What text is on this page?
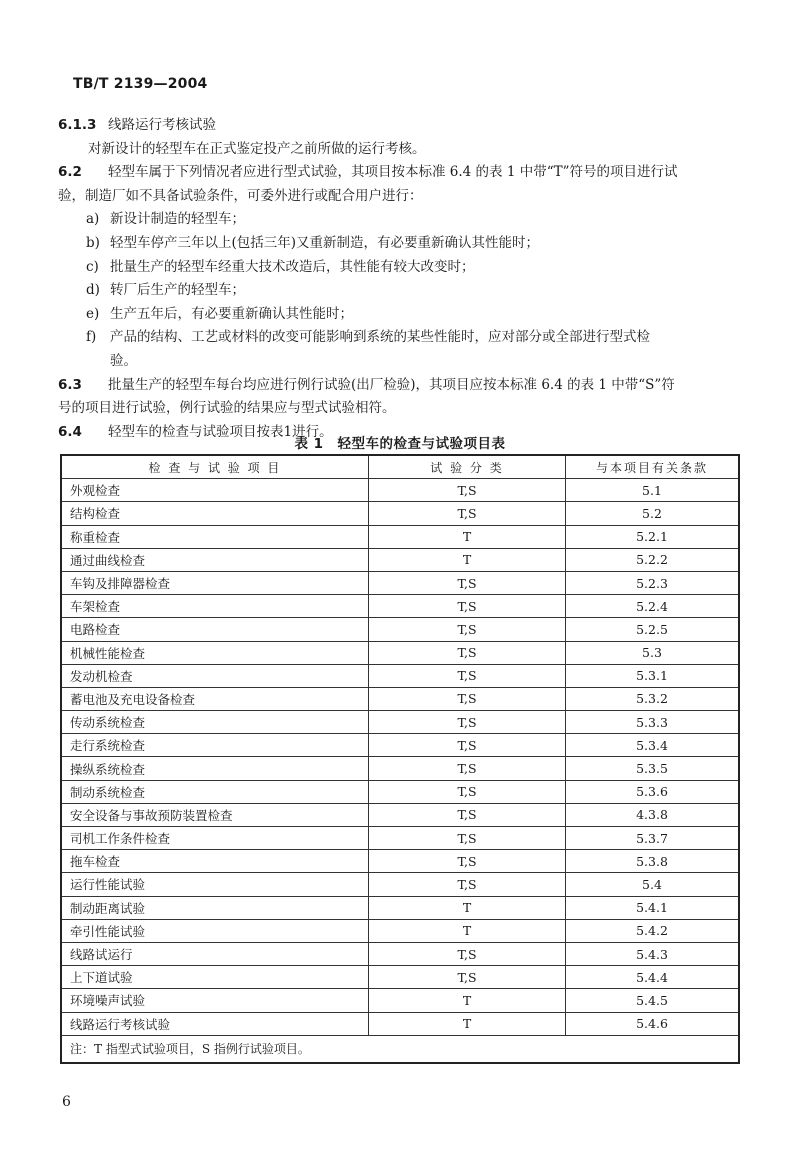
TB/T 2139—2004

6.1.3 线路运行考核试验

对新设计的轻型车在正式鉴定投产之前所做的运行考核。

6.2 轻型车属于下列情况者应进行型式试验，其项目按本标准 6.4 的表 1 中带“T”符号的项目进行试

验，制造厂如不具备试验条件，可委外进行或配合用户进行：

a) 新设计制造的轻型车；

b) 轻型车停产三年以上(包括三年)又重新制造，有必要重新确认其性能时；

c) 批量生产的轻型车经重大技术改造后，其性能有较大改变时；

d) 转厂后生产的轻型车；

e) 生产五年后，有必要重新确认其性能时；

f) 产品的结构、工艺或材料的改变可能影响到系统的某些性能时，应对部分或全部进行型式检

验。

6.3 批量生产的轻型车每台均应进行例行试验(出厂检验)，其项目应按本标准 6.4 的表 1 中带“S”符

号的项目进行试验，例行试验的结果应与型式试验相符。

6.4 轻型车的检查与试验项目按表1进行。

表 1　轻型车的检查与试验项目表
检 查 与 试 验 项 目	试 验 分 类	与本项目有关条款
外观检查	T,S	5.1
结构检查	T,S	5.2
称重检查	T	5.2.1
通过曲线检查	T	5.2.2
车钩及排障器检查	T,S	5.2.3
车架检查	T,S	5.2.4
电路检查	T,S	5.2.5
机械性能检查	T,S	5.3
发动机检查	T,S	5.3.1
蓄电池及充电设备检查	T,S	5.3.2
传动系统检查	T,S	5.3.3
走行系统检查	T,S	5.3.4
操纵系统检查	T,S	5.3.5
制动系统检查	T,S	5.3.6
安全设备与事故预防装置检查	T,S	4.3.8
司机工作条件检查	T,S	5.3.7
拖车检查	T,S	5.3.8
运行性能试验	T,S	5.4
制动距离试验	T	5.4.1
牵引性能试验	T	5.4.2
线路试运行	T,S	5.4.3
上下道试验	T,S	5.4.4
环境噪声试验	T	5.4.5
线路运行考核试验	T	5.4.6
注：T 指型式试验项目，S 指例行试验项目。		
6
